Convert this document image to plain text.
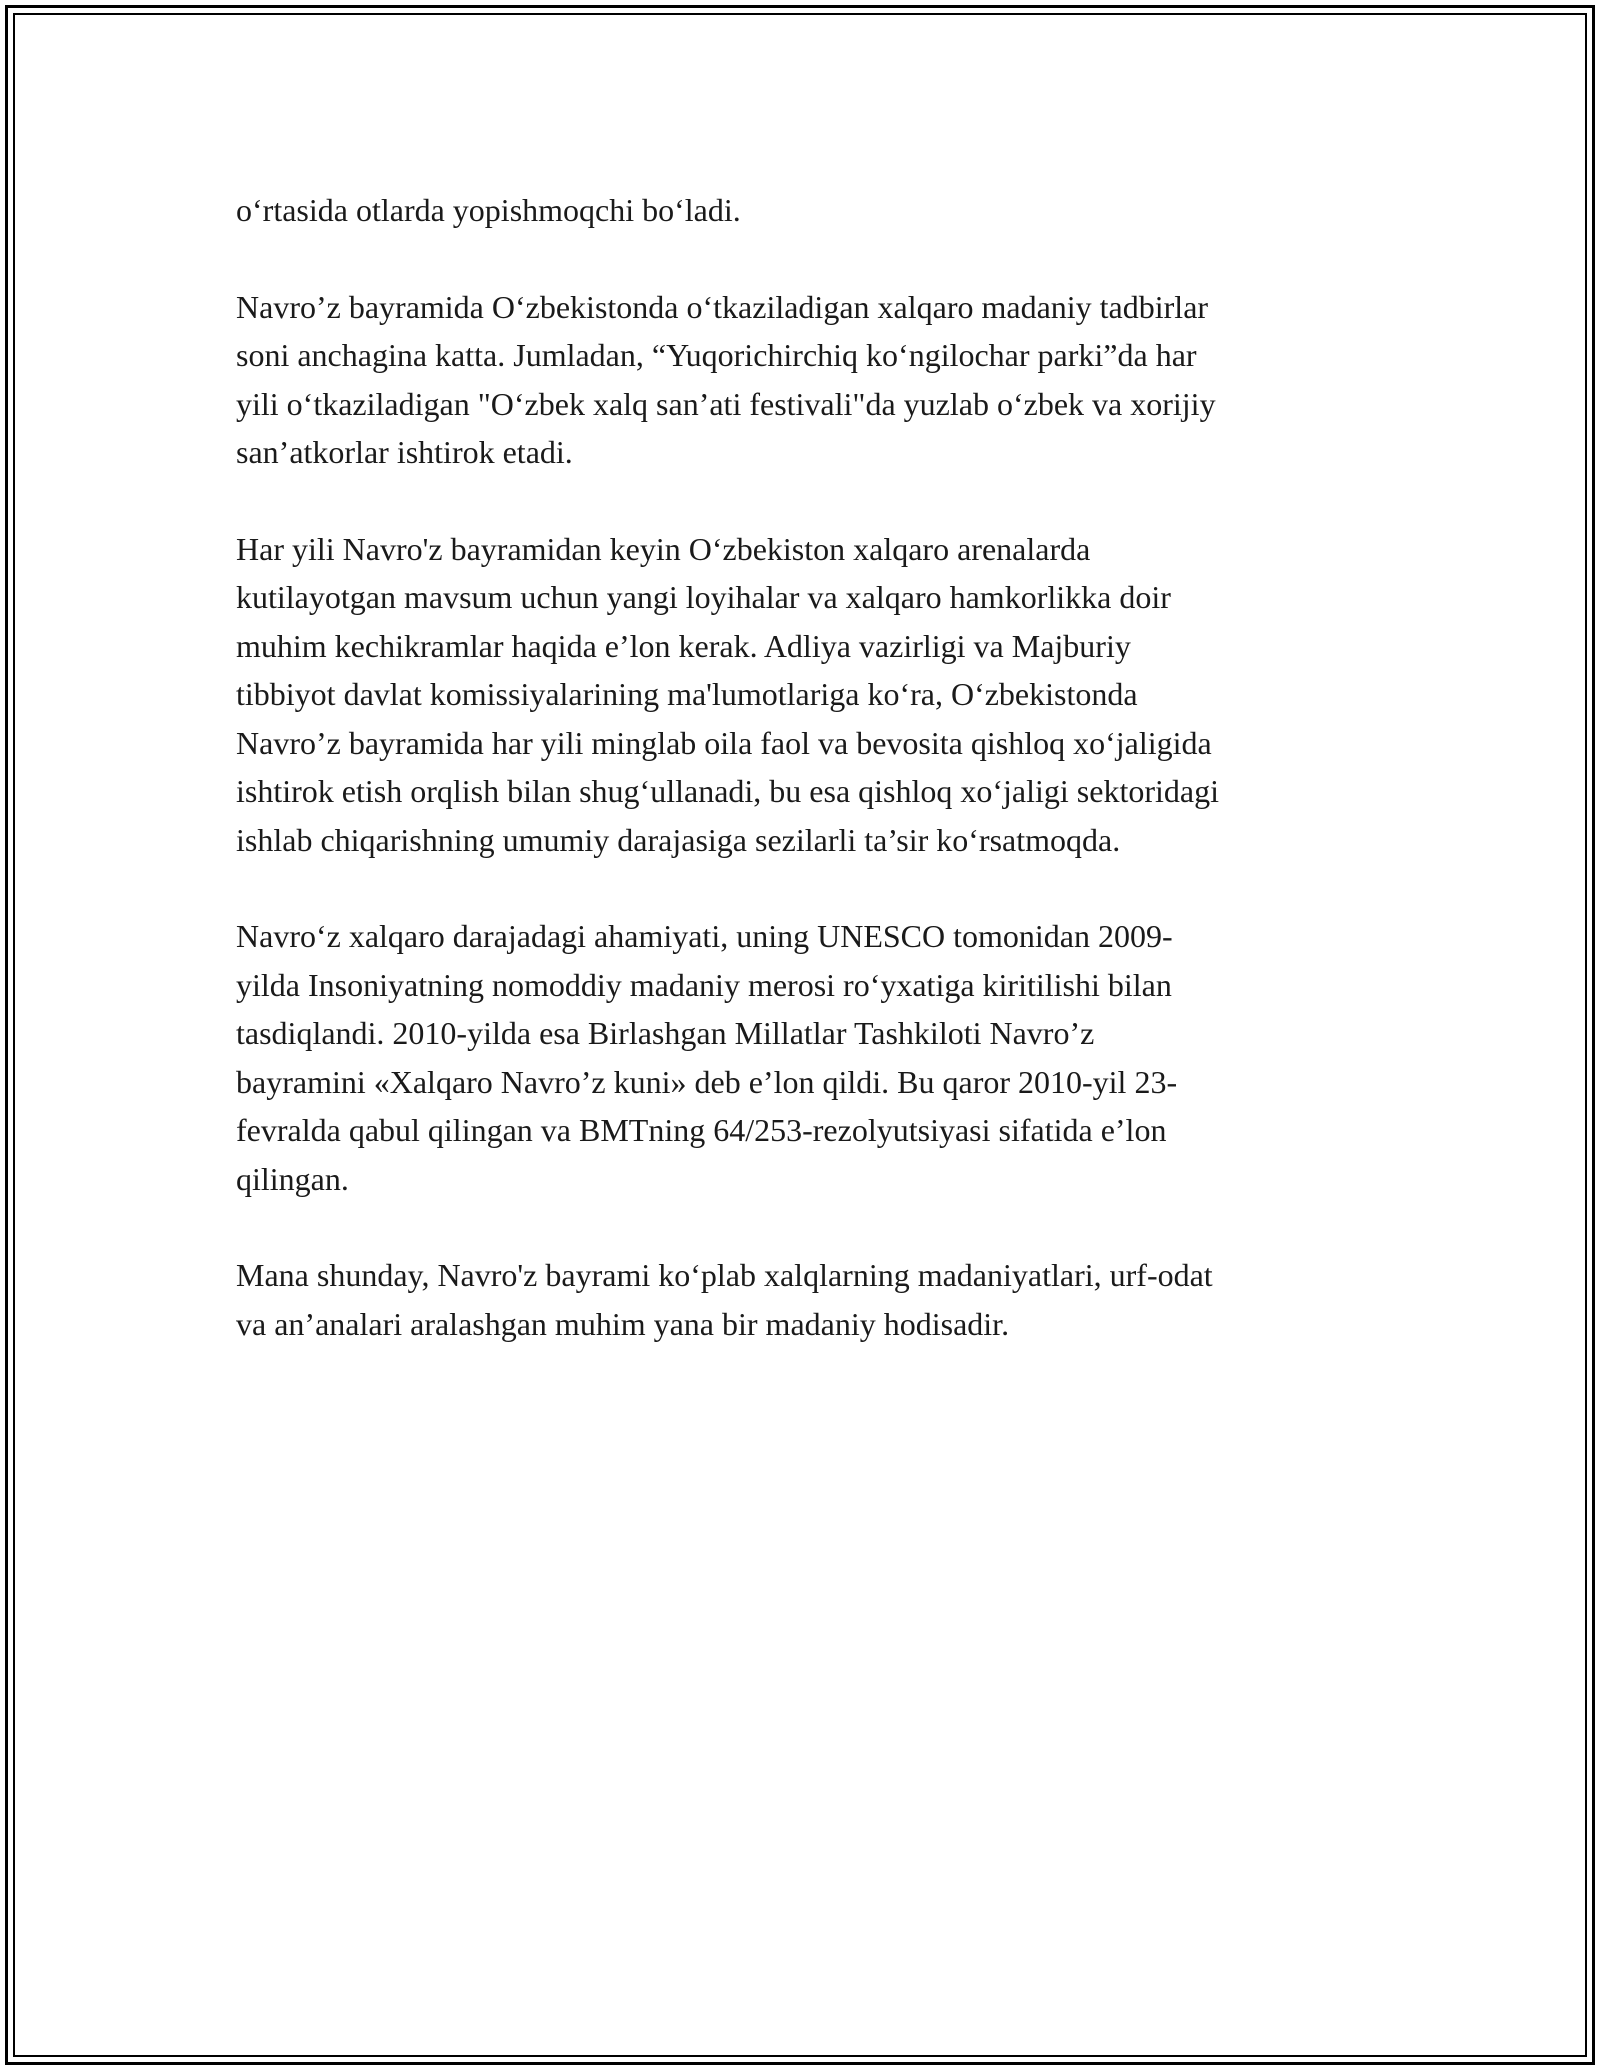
o‘rtasida otlarda yopishmoqchi bo‘ladi.

Navro’z bayramida O‘zbekistonda o‘tkaziladigan xalqaro madaniy tadbirlar
soni anchagina katta. Jumladan, “Yuqorichirchiq ko‘ngilochar parki”da har
yili o‘tkaziladigan "O‘zbek xalq san’ati festivali"da yuzlab o‘zbek va xorijiy
san’atkorlar ishtirok etadi.

Har yili Navro'z bayramidan keyin O‘zbekiston xalqaro arenalarda
kutilayotgan mavsum uchun yangi loyihalar va xalqaro hamkorlikka doir
muhim kechikramlar haqida e’lon kerak. Adliya vazirligi va Majburiy
tibbiyot davlat komissiyalarining ma'lumotlariga ko‘ra, O‘zbekistonda
Navro’z bayramida har yili minglab oila faol va bevosita qishloq xo‘jaligida
ishtirok etish orqlish bilan shug‘ullanadi, bu esa qishloq xo‘jaligi sektoridagi
ishlab chiqarishning umumiy darajasiga sezilarli ta’sir ko‘rsatmoqda.

Navro‘z xalqaro darajadagi ahamiyati, uning UNESCO tomonidan 2009-
yilda Insoniyatning nomoddiy madaniy merosi ro‘yxatiga kiritilishi bilan
tasdiqlandi. 2010-yilda esa Birlashgan Millatlar Tashkiloti Navro’z
bayramini «Xalqaro Navro’z kuni» deb e’lon qildi. Bu qaror 2010-yil 23-
fevralda qabul qilingan va BMTning 64/253-rezolyutsiyasi sifatida e’lon
qilingan.

Mana shunday, Navro'z bayrami ko‘plab xalqlarning madaniyatlari, urf-odat
va an’analari aralashgan muhim yana bir madaniy hodisadir.
